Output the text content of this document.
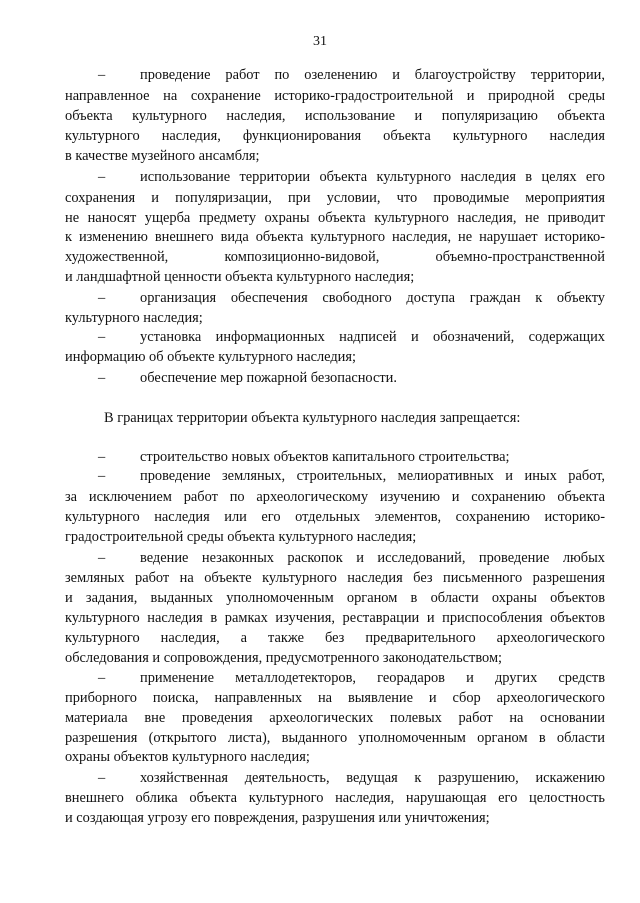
31
– проведение работ по озеленению и благоустройству территории,
направленное на сохранение историко-градостроительной и природной среды
объекта культурного наследия, использование и популяризацию объекта
культурного наследия, функционирования объекта культурного наследия
в качестве музейного ансамбля;
– использование территории объекта культурного наследия в целях его
сохранения и популяризации, при условии, что проводимые мероприятия
не наносят ущерба предмету охраны объекта культурного наследия, не приводит
к изменению внешнего вида объекта культурного наследия, не нарушает историко-
художественной, композиционно-видовой, объемно-пространственной
и ландшафтной ценности объекта культурного наследия;
– организация обеспечения свободного доступа граждан к объекту
культурного наследия;
– установка информационных надписей и обозначений, содержащих
информацию об объекте культурного наследия;
– обеспечение мер пожарной безопасности.
В границах территории объекта культурного наследия запрещается:
– строительство новых объектов капитального строительства;
– проведение земляных, строительных, мелиоративных и иных работ,
за исключением работ по археологическому изучению и сохранению объекта
культурного наследия или его отдельных элементов, сохранению историко-
градостроительной среды объекта культурного наследия;
– ведение незаконных раскопок и исследований, проведение любых
земляных работ на объекте культурного наследия без письменного разрешения
и задания, выданных уполномоченным органом в области охраны объектов
культурного наследия в рамках изучения, реставрации и приспособления объектов
культурного наследия, а также без предварительного археологического
обследования и сопровождения, предусмотренного законодательством;
– применение металлодетекторов, георадаров и других средств
приборного поиска, направленных на выявление и сбор археологического
материала вне проведения археологических полевых работ на основании
разрешения (открытого листа), выданного уполномоченным органом в области
охраны объектов культурного наследия;
– хозяйственная деятельность, ведущая к разрушению, искажению
внешнего облика объекта культурного наследия, нарушающая его целостность
и создающая угрозу его повреждения, разрушения или уничтожения;
